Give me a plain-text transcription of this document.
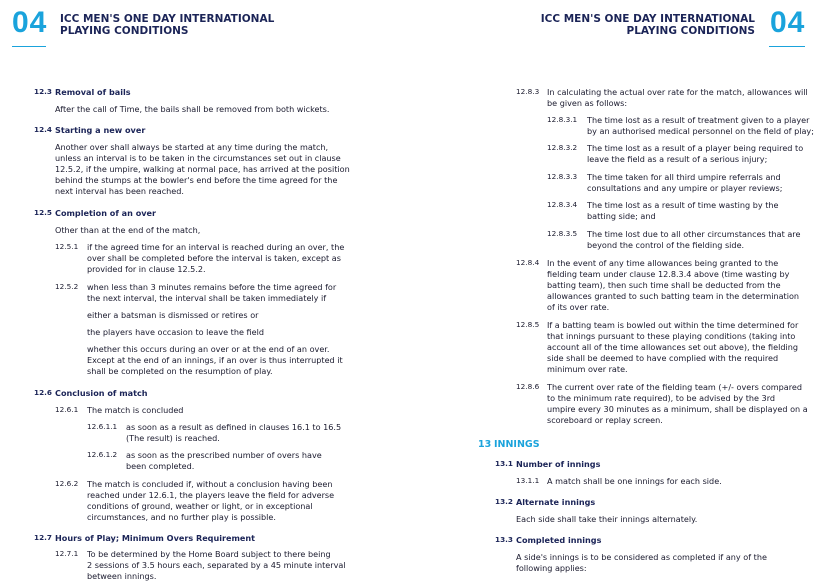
04 ICC MEN'S ONE DAY INTERNATIONAL
PLAYING CONDITIONS
ICC MEN'S ONE DAY INTERNATIONAL
PLAYING CONDITIONS 04
12.3 Removal of bails
After the call of Time, the bails shall be removed from both wickets.
12.4 Starting a new over
Another over shall always be started at any time during the match,
unless an interval is to be taken in the circumstances set out in clause
12.5.2, if the umpire, walking at normal pace, has arrived at the position
behind the stumps at the bowler's end before the time agreed for the
next interval has been reached.
12.5 Completion of an over
Other than at the end of the match,
12.5.1 if the agreed time for an interval is reached during an over, the
over shall be completed before the interval is taken, except as
provided for in clause 12.5.2.
12.5.2 when less than 3 minutes remains before the time agreed for
the next interval, the interval shall be taken immediately if
either a batsman is dismissed or retires or
the players have occasion to leave the field
whether this occurs during an over or at the end of an over.
Except at the end of an innings, if an over is thus interrupted it
shall be completed on the resumption of play.
12.6 Conclusion of match
12.6.1 The match is concluded
12.6.1.1 as soon as a result as defined in clauses 16.1 to 16.5
(The result) is reached.
12.6.1.2 as soon as the prescribed number of overs have
been completed.
12.6.2 The match is concluded if, without a conclusion having been
reached under 12.6.1, the players leave the field for adverse
conditions of ground, weather or light, or in exceptional
circumstances, and no further play is possible.
12.7 Hours of Play; Minimum Overs Requirement
12.7.1 To be determined by the Home Board subject to there being
2 sessions of 3.5 hours each, separated by a 45 minute interval
between innings.
12.8.3 In calculating the actual over rate for the match, allowances will
be given as follows:
12.8.3.1 The time lost as a result of treatment given to a player
by an authorised medical personnel on the field of play;
12.8.3.2 The time lost as a result of a player being required to
leave the field as a result of a serious injury;
12.8.3.3 The time taken for all third umpire referrals and
consultations and any umpire or player reviews;
12.8.3.4 The time lost as a result of time wasting by the
batting side; and
12.8.3.5 The time lost due to all other circumstances that are
beyond the control of the fielding side.
12.8.4 In the event of any time allowances being granted to the
fielding team under clause 12.8.3.4 above (time wasting by
batting team), then such time shall be deducted from the
allowances granted to such batting team in the determination
of its over rate.
12.8.5 If a batting team is bowled out within the time determined for
that innings pursuant to these playing conditions (taking into
account all of the time allowances set out above), the fielding
side shall be deemed to have complied with the required
minimum over rate.
12.8.6 The current over rate of the fielding team (+/- overs compared
to the minimum rate required), to be advised by the 3rd
umpire every 30 minutes as a minimum, shall be displayed on a
scoreboard or replay screen.
13 INNINGS
13.1 Number of innings
13.1.1 A match shall be one innings for each side.
13.2 Alternate innings
Each side shall take their innings alternately.
13.3 Completed innings
A side's innings is to be considered as completed if any of the
following applies:
